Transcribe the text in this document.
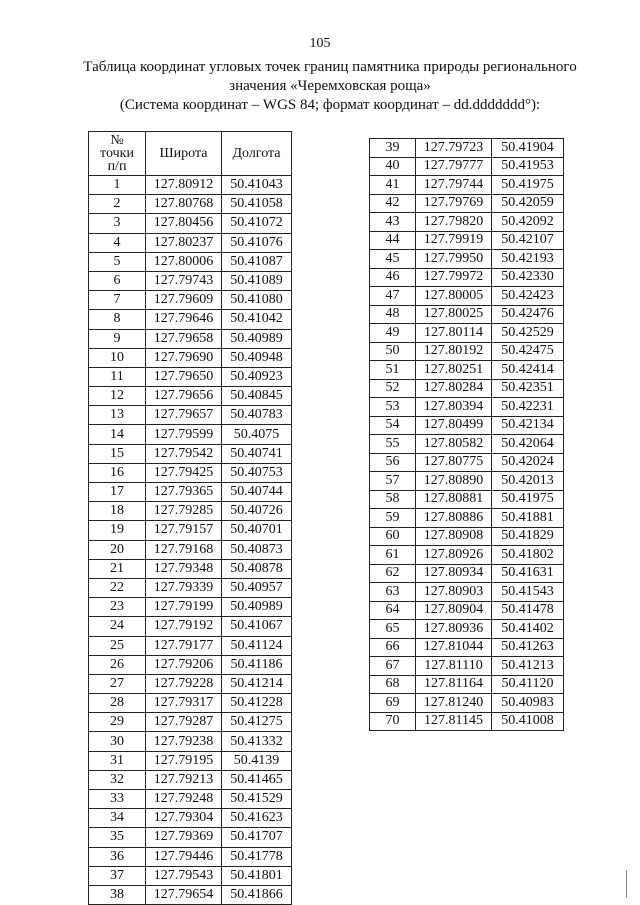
105
Таблица координат угловых точек границ памятника природы регионального
значения «Черемховская роща»
(Система координат – WGS 84; формат координат – dd.ddddddd°):
№
точки
п/п	Широта	Долгота
1	127.80912	50.41043
2	127.80768	50.41058
3	127.80456	50.41072
4	127.80237	50.41076
5	127.80006	50.41087
6	127.79743	50.41089
7	127.79609	50.41080
8	127.79646	50.41042
9	127.79658	50.40989
10	127.79690	50.40948
11	127.79650	50.40923
12	127.79656	50.40845
13	127.79657	50.40783
14	127.79599	50.4075
15	127.79542	50.40741
16	127.79425	50.40753
17	127.79365	50.40744
18	127.79285	50.40726
19	127.79157	50.40701
20	127.79168	50.40873
21	127.79348	50.40878
22	127.79339	50.40957
23	127.79199	50.40989
24	127.79192	50.41067
25	127.79177	50.41124
26	127.79206	50.41186
27	127.79228	50.41214
28	127.79317	50.41228
29	127.79287	50.41275
30	127.79238	50.41332
31	127.79195	50.4139
32	127.79213	50.41465
33	127.79248	50.41529
34	127.79304	50.41623
35	127.79369	50.41707
36	127.79446	50.41778
37	127.79543	50.41801
38	127.79654	50.41866
39	127.79723	50.41904
40	127.79777	50.41953
41	127.79744	50.41975
42	127.79769	50.42059
43	127.79820	50.42092
44	127.79919	50.42107
45	127.79950	50.42193
46	127.79972	50.42330
47	127.80005	50.42423
48	127.80025	50.42476
49	127.80114	50.42529
50	127.80192	50.42475
51	127.80251	50.42414
52	127.80284	50.42351
53	127.80394	50.42231
54	127.80499	50.42134
55	127.80582	50.42064
56	127.80775	50.42024
57	127.80890	50.42013
58	127.80881	50.41975
59	127.80886	50.41881
60	127.80908	50.41829
61	127.80926	50.41802
62	127.80934	50.41631
63	127.80903	50.41543
64	127.80904	50.41478
65	127.80936	50.41402
66	127.81044	50.41263
67	127.81110	50.41213
68	127.81164	50.41120
69	127.81240	50.40983
70	127.81145	50.41008
